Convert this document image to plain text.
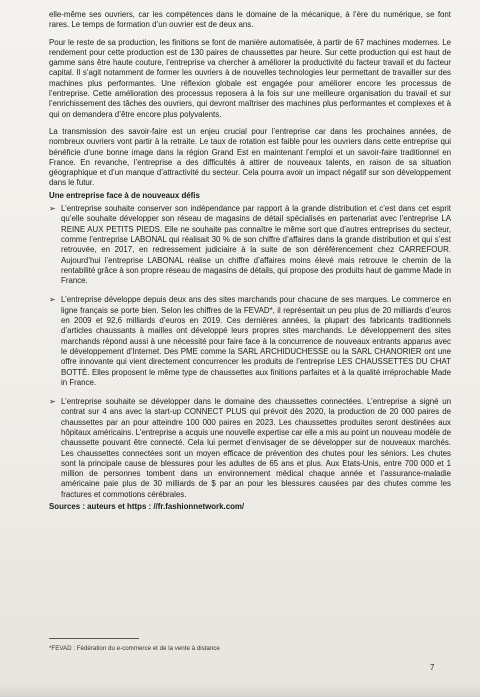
elle-même ses ouvriers, car les compétences dans le domaine de la mécanique, à l’ère du numérique, se font rares. Le temps de formation d’un ouvrier est de deux ans.

Pour le reste de sa production, les finitions se font de manière automatisée, à partir de 67 machines modernes. Le rendement pour cette production est de 130 paires de chaussettes par heure. Sur cette production qui est haut de gamme sans être haute couture, l’entreprise va chercher à améliorer la productivité du facteur travail et du facteur capital. Il s’agit notamment de former les ouvriers à de nouvelles technologies leur permettant de travailler sur des machines plus performantes. Une réflexion globale est engagée pour améliorer encore les processus de l’entreprise. Cette amélioration des processus reposera à la fois sur une meilleure organisation du travail et sur l’enrichissement des tâches des ouvriers, qui devront maîtriser des machines plus performantes et complexes et à qui on demandera d’être encore plus polyvalents.

La transmission des savoir-faire est un enjeu crucial pour l’entreprise car dans les prochaines années, de nombreux ouvriers vont partir à la retraite. Le taux de rotation est faible pour les ouvriers dans cette entreprise qui bénéficie d’une bonne image dans la région Grand Est en maintenant l’emploi et un savoir-faire traditionnel en France. En revanche, l’entreprise a des difficultés à attirer de nouveaux talents, en raison de sa situation géographique et d’un manque d’attractivité du secteur. Cela pourra avoir un impact négatif sur son développement dans le futur.

Une entreprise face à de nouveaux défis
➢ L’entreprise souhaite conserver son indépendance par rapport à la grande distribution et c’est dans cet esprit qu’elle souhaite développer son réseau de magasins de détail spécialisés en partenariat avec l’entreprise LA REINE AUX PETITS PIEDS. Elle ne souhaite pas connaître le même sort que d’autres entreprises du secteur, comme l’entreprise LABONAL qui réalisait 30 % de son chiffre d’affaires dans la grande distribution et qui s’est retrouvée, en 2017, en redressement judiciaire à la suite de son déréférencement chez CARREFOUR. Aujourd’hui l’entreprise LABONAL réalise un chiffre d’affaires moins élevé mais retrouve le chemin de la rentabilité grâce à son propre réseau de magasins de détails, qui propose des produits haut de gamme Made in France.
➢ L’entreprise développe depuis deux ans des sites marchands pour chacune de ses marques. Le commerce en ligne français se porte bien. Selon les chiffres de la FEVAD*, il représentait un peu plus de 20 milliards d’euros en 2009 et 92,6 milliards d’euros en 2019. Ces dernières années, la plupart des fabricants traditionnels d’articles chaussants à mailles ont développé leurs propres sites marchands. Le développement des sites marchands répond aussi à une nécessité pour faire face à la concurrence de nouveaux entrants apparus avec le développement d’Internet. Des PME comme la SARL ARCHIDUCHESSE ou la SARL CHANORIER ont une offre innovante qui vient directement concurrencer les produits de l’entreprise LES CHAUSSETTES DU CHAT BOTTÉ. Elles proposent le même type de chaussettes aux finitions parfaites et à la qualité irréprochable Made in France.
➢ L’entreprise souhaite se développer dans le domaine des chaussettes connectées. L’entreprise a signé un contrat sur 4 ans avec la start-up CONNECT PLUS qui prévoit dès 2020, la production de 20 000 paires de chaussettes par an pour atteindre 100 000 paires en 2023. Les chaussettes produites seront destinées aux hôpitaux américains. L’entreprise a acquis une nouvelle expertise car elle a mis au point un nouveau modèle de chaussette pouvant être connecté. Cela lui permet d’envisager de se développer sur de nouveaux marchés. Les chaussettes connectées sont un moyen efficace de prévention des chutes pour les séniors. Les chutes sont la principale cause de blessures pour les adultes de 65 ans et plus. Aux Etats-Unis, entre 700 000 et 1 million de personnes tombent dans un environnement médical chaque année et l’assurance-maladie américaine paie plus de 30 milliards de $ par an pour les blessures causées par des chutes comme les fractures et commotions cérébrales.
Sources : auteurs et https : //fr.fashionnetwork.com/
*FEVAD : Fédération du e-commerce et de la vente à distance
7
